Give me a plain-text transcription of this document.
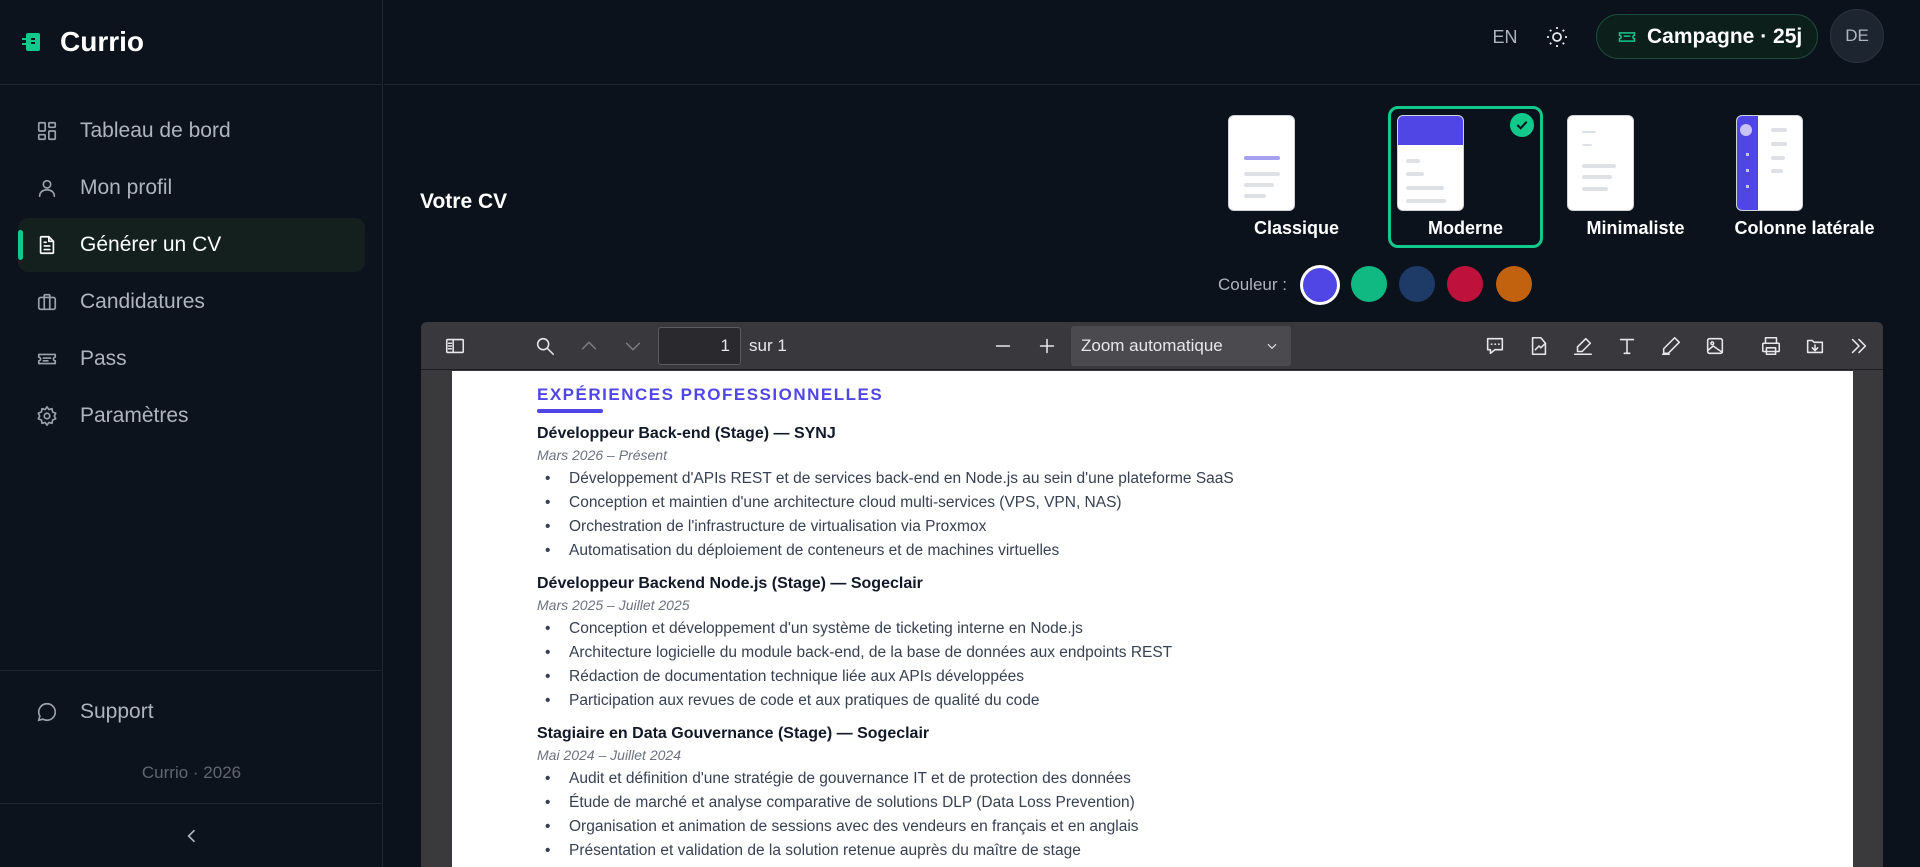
Currio
Tableau de bord
Mon profil
Générer un CV
Candidatures
Pass
Paramètres
Support
Currio · 2026
EN	Campagne · 25j	DE
Votre CV
Classique	Moderne	Minimaliste	Colonne latérale
Couleur :
1
sur 1	Zoom automatique
EXPÉRIENCES PROFESSIONNELLES
Développeur Back-end (Stage) — SYNJ
Mars 2026 – Présent
• Développement d'APIs REST et de services back-end en Node.js au sein d'une plateforme SaaS
• Conception et maintien d'une architecture cloud multi-services (VPS, VPN, NAS)
• Orchestration de l'infrastructure de virtualisation via Proxmox
• Automatisation du déploiement de conteneurs et de machines virtuelles
Développeur Backend Node.js (Stage) — Sogeclair
Mars 2025 – Juillet 2025
• Conception et développement d'un système de ticketing interne en Node.js
• Architecture logicielle du module back-end, de la base de données aux endpoints REST
• Rédaction de documentation technique liée aux APIs développées
• Participation aux revues de code et aux pratiques de qualité du code
Stagiaire en Data Gouvernance (Stage) — Sogeclair
Mai 2024 – Juillet 2024
• Audit et définition d'une stratégie de gouvernance IT et de protection des données
• Étude de marché et analyse comparative de solutions DLP (Data Loss Prevention)
• Organisation et animation de sessions avec des vendeurs en français et en anglais
• Présentation et validation de la solution retenue auprès du maître de stage
